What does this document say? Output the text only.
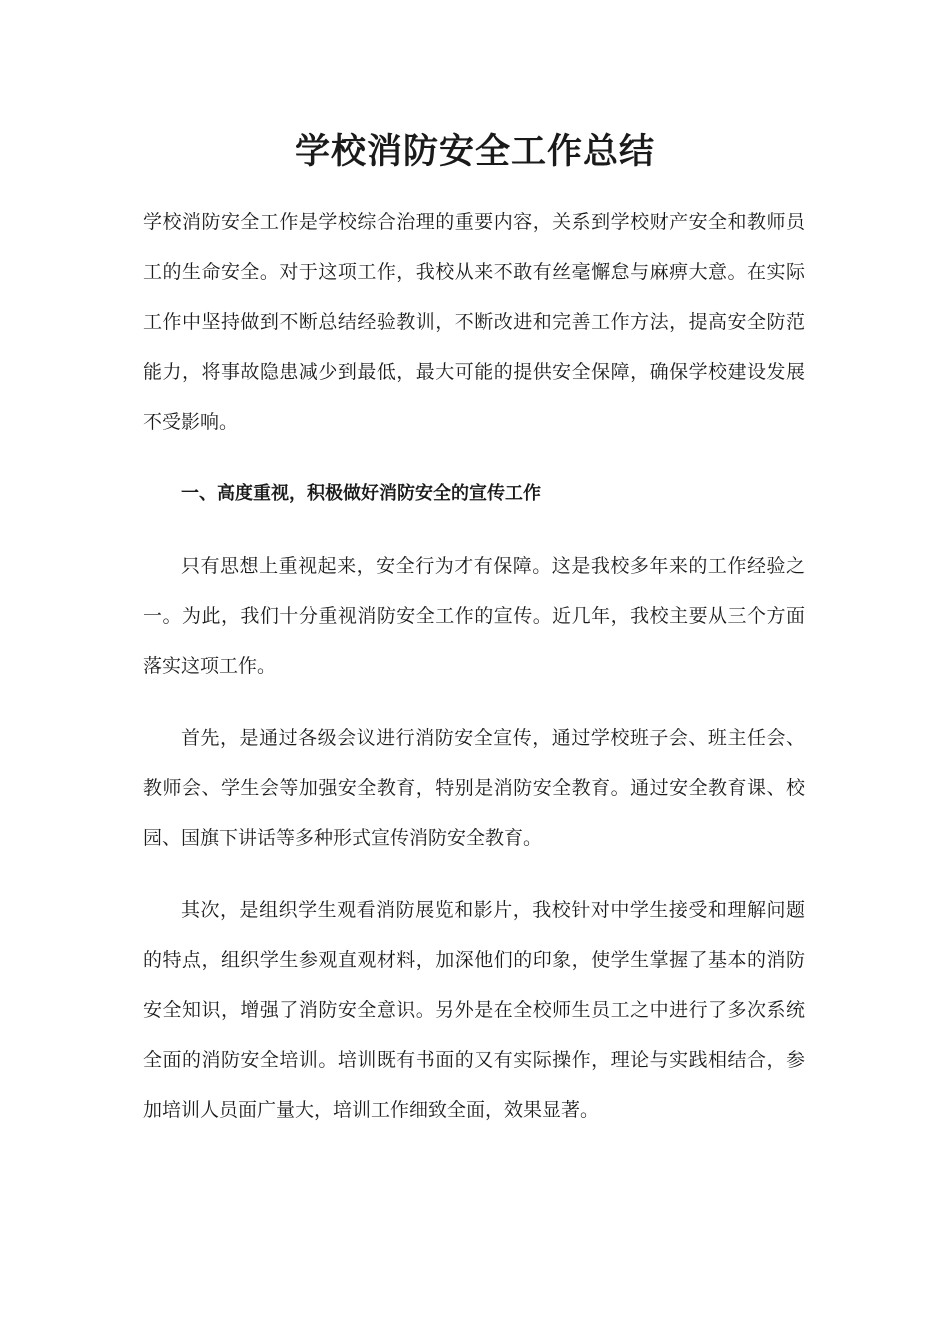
学校消防安全工作总结

学校消防安全工作是学校综合治理的重要内容，关系到学校财产安全和教师员工的生命安全。对于这项工作，我校从来不敢有丝毫懈怠与麻痹大意。在实际工作中坚持做到不断总结经验教训，不断改进和完善工作方法，提高安全防范能力，将事故隐患减少到最低，最大可能的提供安全保障，确保学校建设发展不受影响。

一、高度重视，积极做好消防安全的宣传工作

只有思想上重视起来，安全行为才有保障。这是我校多年来的工作经验之一。为此，我们十分重视消防安全工作的宣传。近几年，我校主要从三个方面落实这项工作。

首先，是通过各级会议进行消防安全宣传，通过学校班子会、班主任会、教师会、学生会等加强安全教育，特别是消防安全教育。通过安全教育课、校园、国旗下讲话等多种形式宣传消防安全教育。

其次，是组织学生观看消防展览和影片，我校针对中学生接受和理解问题的特点，组织学生参观直观材料，加深他们的印象，使学生掌握了基本的消防安全知识，增强了消防安全意识。另外是在全校师生员工之中进行了多次系统全面的消防安全培训。培训既有书面的又有实际操作，理论与实践相结合，参加培训人员面广量大，培训工作细致全面，效果显著。
